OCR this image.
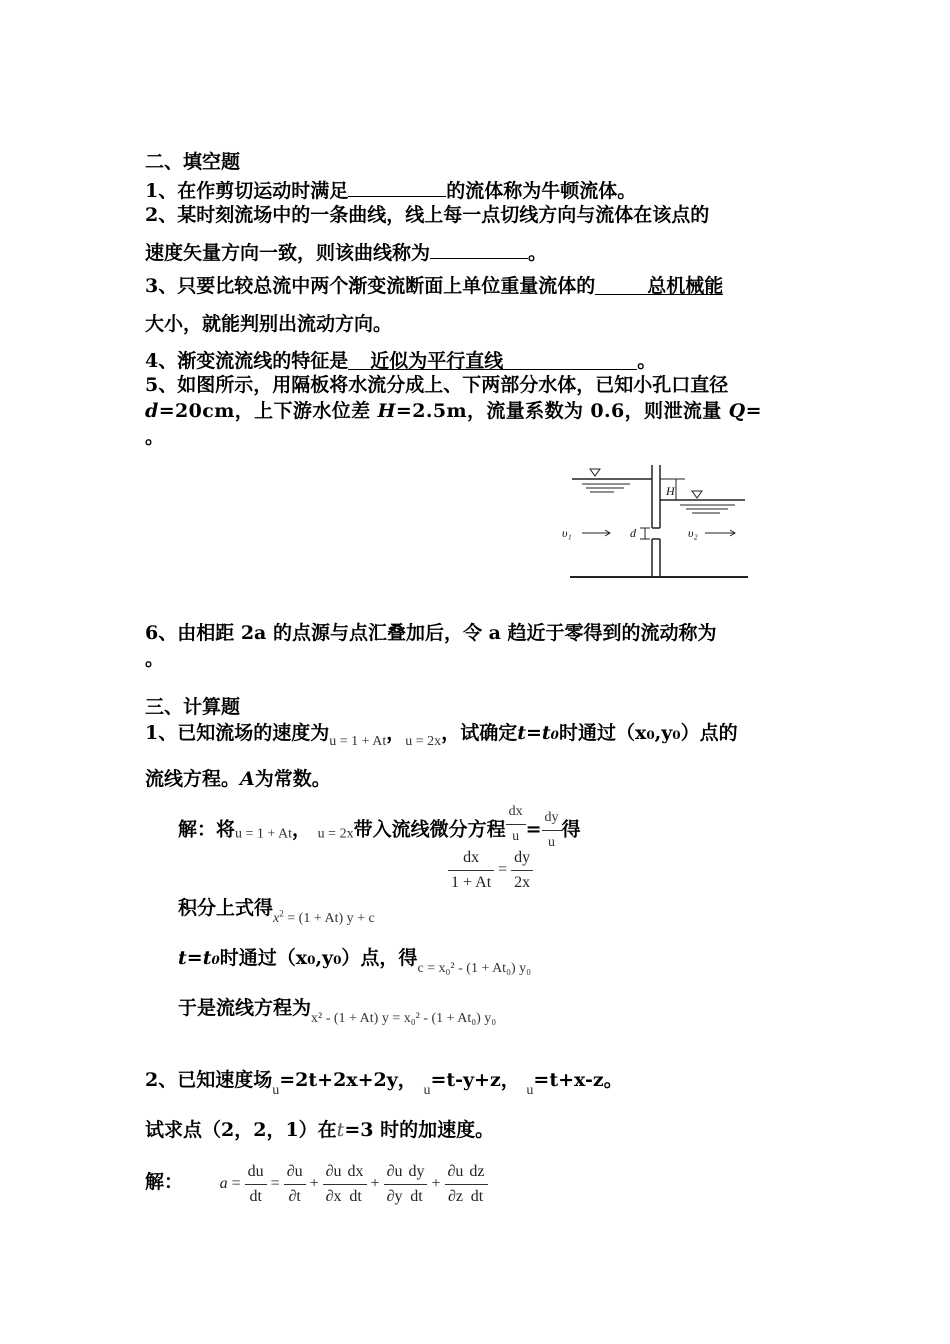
二、填空题
1、在作剪切运动时满足	的流体称为牛顿流体。
2、某时刻流场中的一条曲线，线上每一点切线方向与流体在该点的
速度矢量方向一致，则该曲线称为	。
3、只要比较总流中两个渐变流断面上单位重量流体的	总机械能
大小，就能判别出流动方向。
4、渐变流流线的特征是 近似为平行直线	。
5、如图所示，用隔板将水流分成上、下两部分水体，已知小孔口直径
d=20cm，上下游水位差 H=2.5m，流量系数为 0.6，则泄流量 Q=
。
υ₁	υ₂
d
H
6、由相距 2a 的点源与点汇叠加后，令 a 趋近于零得到的流动称为
。
三、计算题
1、已知流场的速度为$_{u = 1 + At}$，$_{u = 2x}$，试确定t=t₀时通过（x₀,y₀）点的
流线方程。A为常数。
解：将u = 1 + At， u = 2x带入流线微分方程 $\frac{dx}{u} = \frac{dy}{u}$ 得
$\frac{dx}{1 + At} = \frac{dy}{2x}$
积分上式得$_{x^2 = (1 + At) y + c}$
t=t₀时通过（x₀,y₀）点，得$_{c = x_0^2 - (1 + At_0) y_0}$
于是流线方程为$_{x^2 - (1 + At) y = x_0^2 - (1 + At_0) y_0}$
2、已知速度场$_u$=2t+2x+2y， $_u$=t-y+z， $_u$=t+x-z。
试求点（2，2，1）在t=3 时的加速度。
解： $a = \frac{du}{dt} = \frac{\partial u}{\partial t} + \frac{\partial u}{\partial x} \frac{dx}{dt} + \frac{\partial u}{\partial y} \frac{dy}{dt} + \frac{\partial u}{\partial z} \frac{dz}{dt}$
